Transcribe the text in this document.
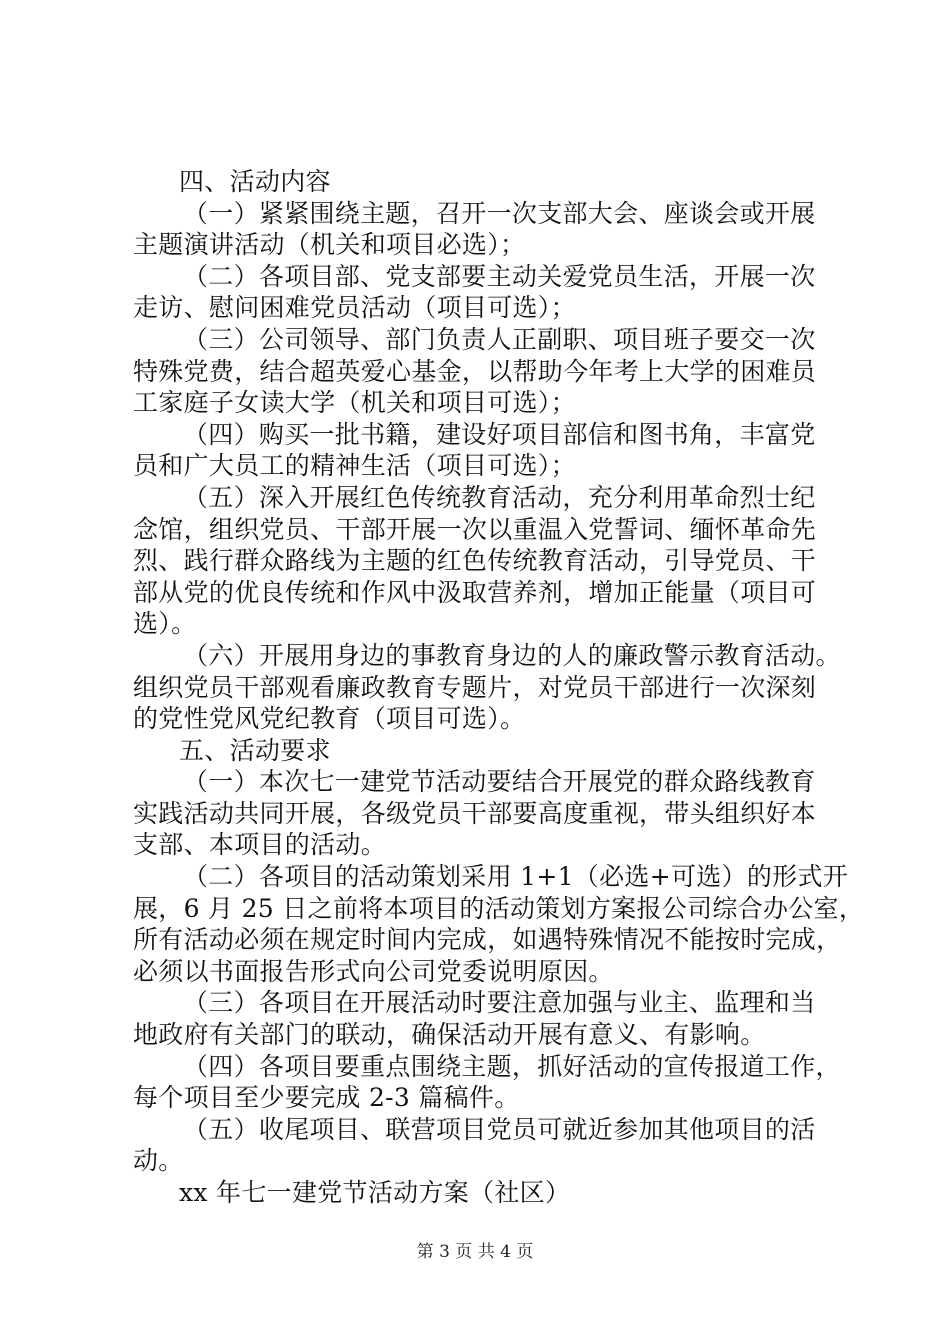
四、活动内容
（一）紧紧围绕主题，召开一次支部大会、座谈会或开展
主题演讲活动（机关和项目必选）；
（二）各项目部、党支部要主动关爱党员生活，开展一次
走访、慰问困难党员活动（项目可选）；
（三）公司领导、部门负责人正副职、项目班子要交一次
特殊党费，结合超英爱心基金，以帮助今年考上大学的困难员
工家庭子女读大学（机关和项目可选）；
（四）购买一批书籍，建设好项目部信和图书角，丰富党
员和广大员工的精神生活（项目可选）；
（五）深入开展红色传统教育活动，充分利用革命烈士纪
念馆，组织党员、干部开展一次以重温入党誓词、缅怀革命先
烈、践行群众路线为主题的红色传统教育活动，引导党员、干
部从党的优良传统和作风中汲取营养剂，增加正能量（项目可
选）。
（六）开展用身边的事教育身边的人的廉政警示教育活动。
组织党员干部观看廉政教育专题片，对党员干部进行一次深刻
的党性党风党纪教育（项目可选）。
五、活动要求
（一）本次七一建党节活动要结合开展党的群众路线教育
实践活动共同开展，各级党员干部要高度重视，带头组织好本
支部、本项目的活动。
（二）各项目的活动策划采用 1+1（必选+可选）的形式开
展，6 月 25 日之前将本项目的活动策划方案报公司综合办公室，
所有活动必须在规定时间内完成，如遇特殊情况不能按时完成，
必须以书面报告形式向公司党委说明原因。
（三）各项目在开展活动时要注意加强与业主、监理和当
地政府有关部门的联动，确保活动开展有意义、有影响。
（四）各项目要重点围绕主题，抓好活动的宣传报道工作，
每个项目至少要完成 2-3 篇稿件。
（五）收尾项目、联营项目党员可就近参加其他项目的活
动。
xx 年七一建党节活动方案（社区）
第 3 页 共 4 页
